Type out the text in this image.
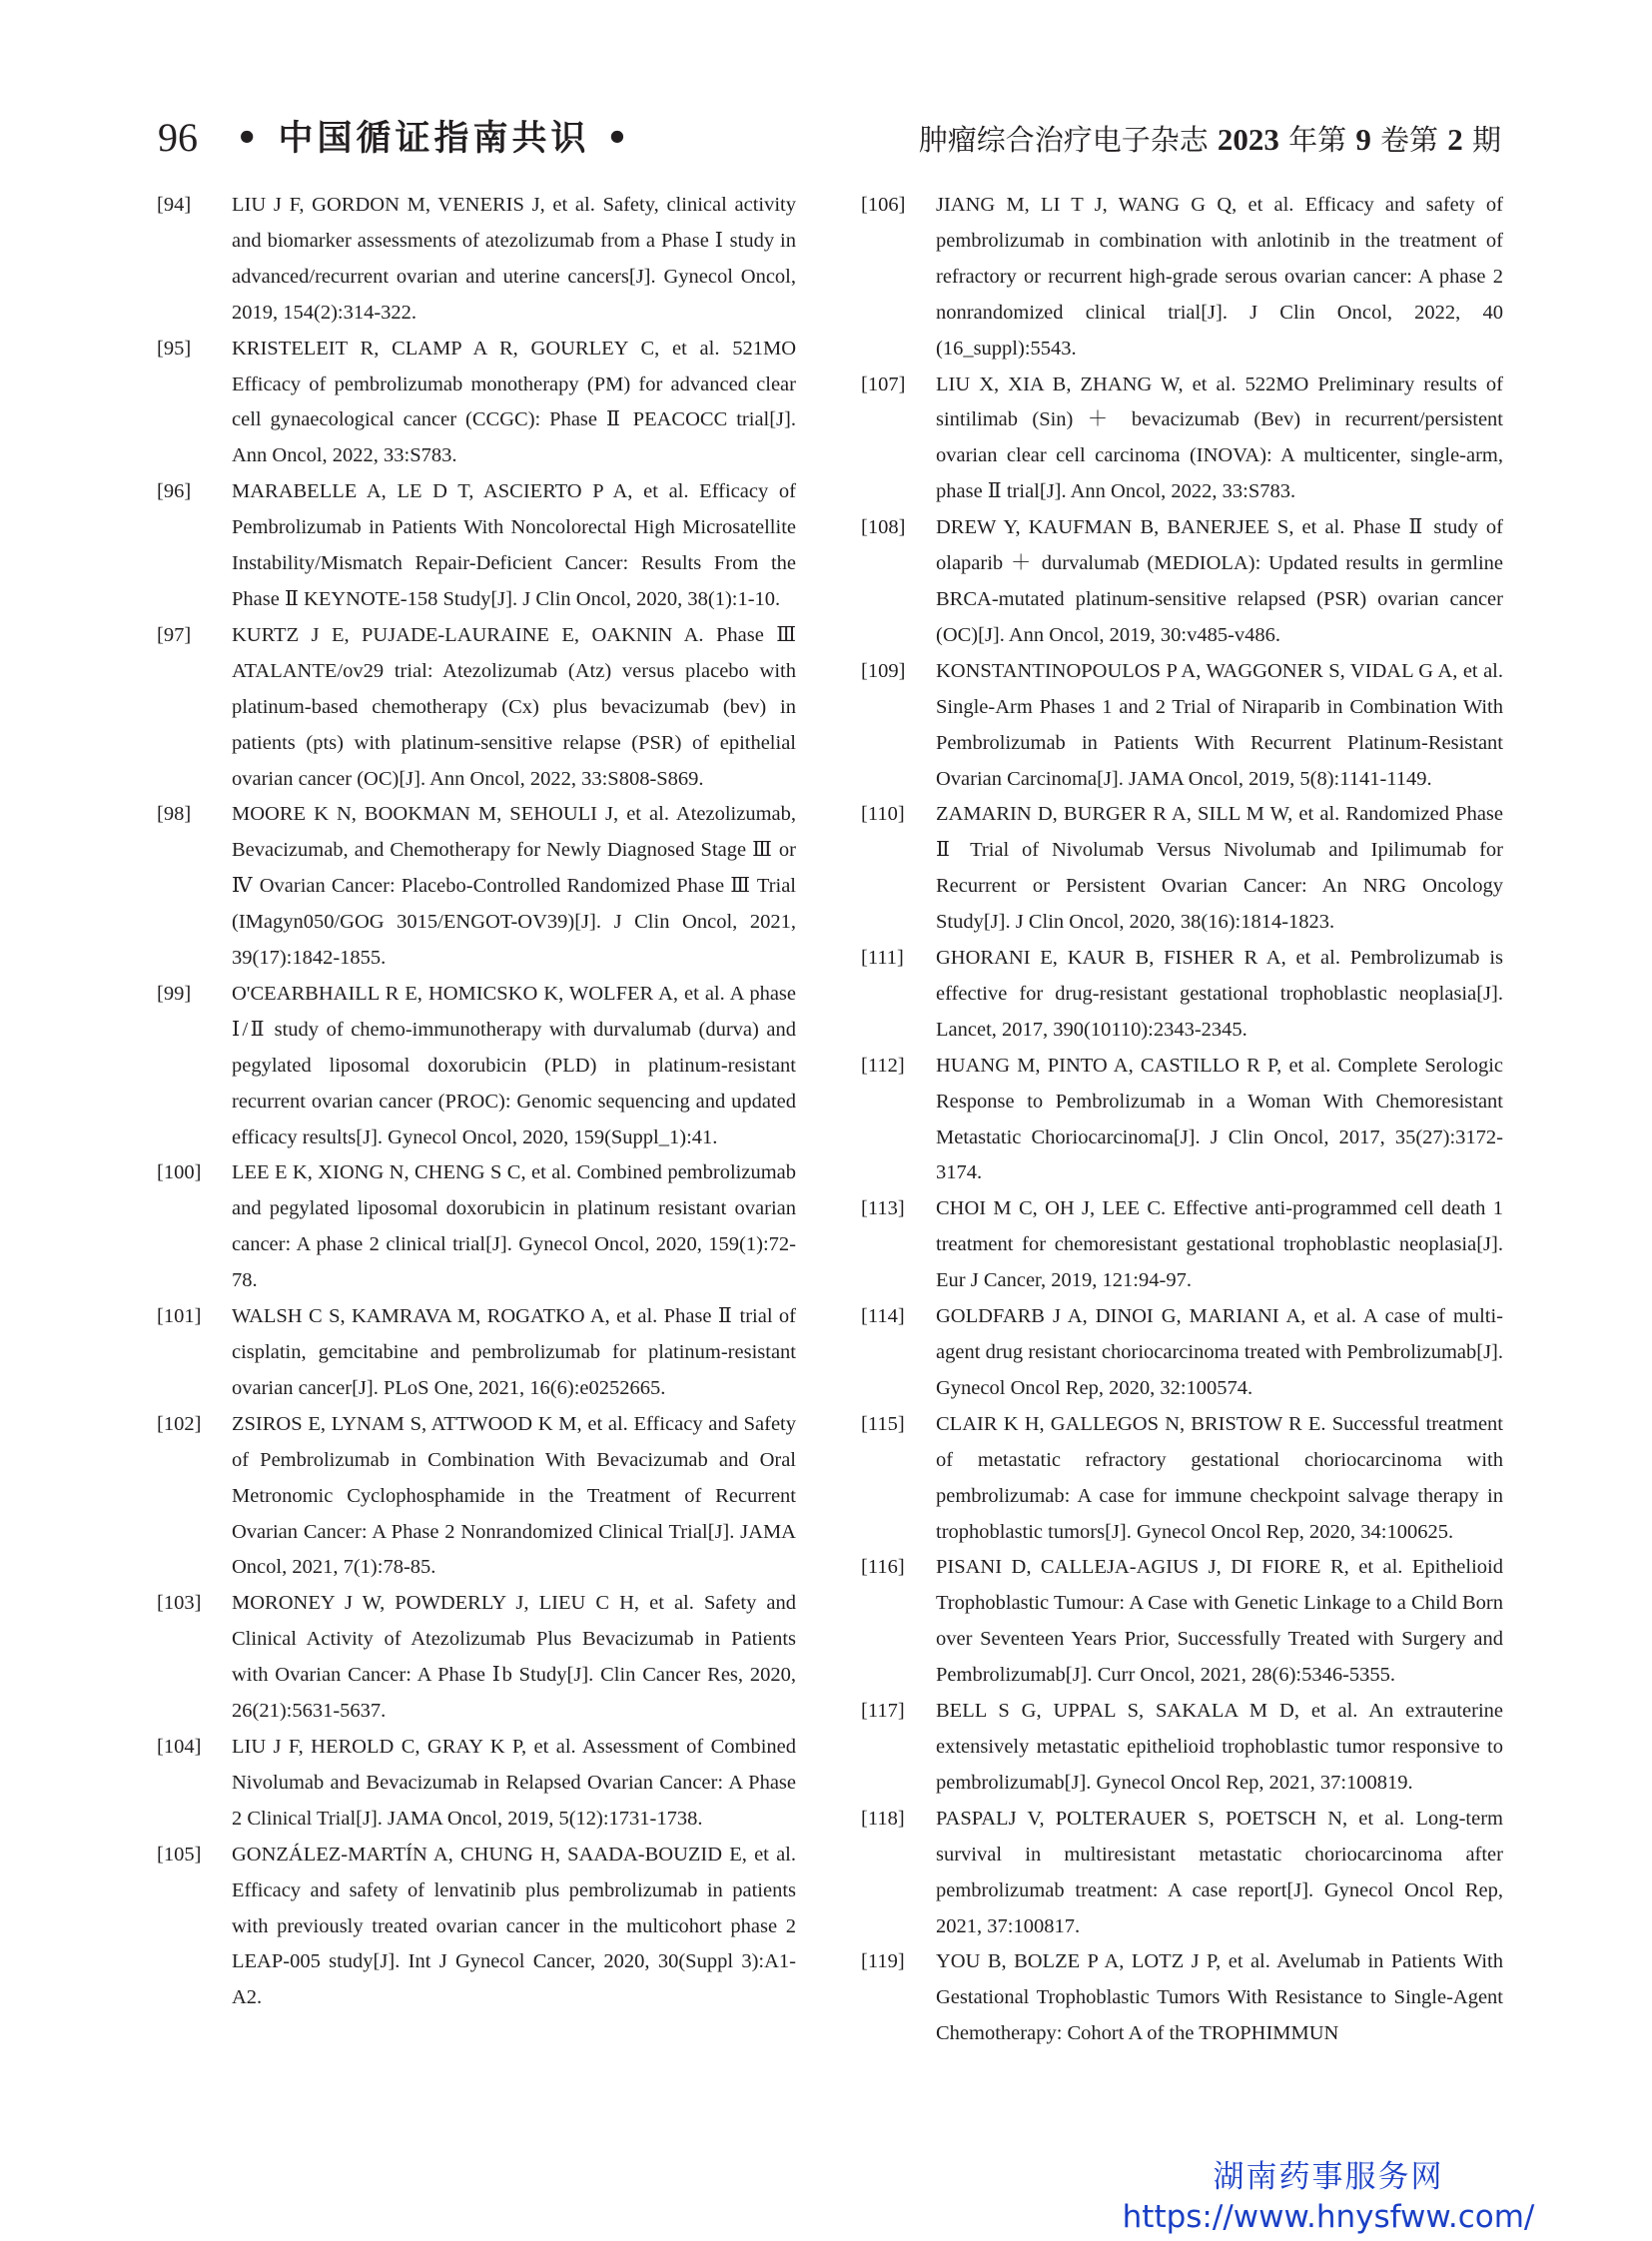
96 • 中国循证指南共识 •	肿瘤综合治疗电子杂志 2023 年第 9 卷第 2 期
[94]	LIU J F, GORDON M, VENERIS J, et al. Safety, clinical activity and biomarker assessments of atezolizumab from a Phase Ⅰ study in advanced/recurrent ovarian and uterine cancers[J]. Gynecol Oncol, 2019, 154(2):314-322.
[95]	KRISTELEIT R, CLAMP A R, GOURLEY C, et al. 521MO Efficacy of pembrolizumab monotherapy (PM) for advanced clear cell gynaecological cancer (CCGC): Phase Ⅱ PEACOCC trial[J]. Ann Oncol, 2022, 33:S783.
[96]	MARABELLE A, LE D T, ASCIERTO P A, et al. Efficacy of Pembrolizumab in Patients With Noncolorectal High Microsatellite Instability/Mismatch Repair-Deficient Cancer: Results From the Phase Ⅱ KEYNOTE-158 Study[J]. J Clin Oncol, 2020, 38(1):1-10.
[97]	KURTZ J E, PUJADE-LAURAINE E, OAKNIN A. Phase Ⅲ ATALANTE/ov29 trial: Atezolizumab (Atz) versus placebo with platinum-based chemotherapy (Cx) plus bevacizumab (bev) in patients (pts) with platinum-sensitive relapse (PSR) of epithelial ovarian cancer (OC)[J]. Ann Oncol, 2022, 33:S808-S869.
[98]	MOORE K N, BOOKMAN M, SEHOULI J, et al. Atezolizumab, Bevacizumab, and Chemotherapy for Newly Diagnosed Stage Ⅲ or Ⅳ Ovarian Cancer: Placebo-Controlled Randomized Phase Ⅲ Trial (IMagyn050/GOG 3015/ENGOT-OV39)[J]. J Clin Oncol, 2021, 39(17):1842-1855.
[99]	O'CEARBHAILL R E, HOMICSKO K, WOLFER A, et al. A phase Ⅰ/Ⅱ study of chemo-immunotherapy with durvalumab (durva) and pegylated liposomal doxorubicin (PLD) in platinum-resistant recurrent ovarian cancer (PROC): Genomic sequencing and updated efficacy results[J]. Gynecol Oncol, 2020, 159(Suppl_1):41.
[100]	LEE E K, XIONG N, CHENG S C, et al. Combined pembrolizumab and pegylated liposomal doxorubicin in platinum resistant ovarian cancer: A phase 2 clinical trial[J]. Gynecol Oncol, 2020, 159(1):72-78.
[101]	WALSH C S, KAMRAVA M, ROGATKO A, et al. Phase Ⅱ trial of cisplatin, gemcitabine and pembrolizumab for platinum-resistant ovarian cancer[J]. PLoS One, 2021, 16(6):e0252665.
[102]	ZSIROS E, LYNAM S, ATTWOOD K M, et al. Efficacy and Safety of Pembrolizumab in Combination With Bevacizumab and Oral Metronomic Cyclophosphamide in the Treatment of Recurrent Ovarian Cancer: A Phase 2 Nonrandomized Clinical Trial[J]. JAMA Oncol, 2021, 7(1):78-85.
[103]	MORONEY J W, POWDERLY J, LIEU C H, et al. Safety and Clinical Activity of Atezolizumab Plus Bevacizumab in Patients with Ovarian Cancer: A Phase Ⅰb Study[J]. Clin Cancer Res, 2020, 26(21):5631-5637.
[104]	LIU J F, HEROLD C, GRAY K P, et al. Assessment of Combined Nivolumab and Bevacizumab in Relapsed Ovarian Cancer: A Phase 2 Clinical Trial[J]. JAMA Oncol, 2019, 5(12):1731-1738.
[105]	GONZÁLEZ-MARTÍN A, CHUNG H, SAADA-BOUZID E, et al. Efficacy and safety of lenvatinib plus pembrolizumab in patients with previously treated ovarian cancer in the multicohort phase 2 LEAP-005 study[J]. Int J Gynecol Cancer, 2020, 30(Suppl 3):A1-A2.
[106]	JIANG M, LI T J, WANG G Q, et al. Efficacy and safety of pembrolizumab in combination with anlotinib in the treatment of refractory or recurrent high-grade serous ovarian cancer: A phase 2 nonrandomized clinical trial[J]. J Clin Oncol, 2022, 40 (16_suppl):5543.
[107]	LIU X, XIA B, ZHANG W, et al. 522MO Preliminary results of sintilimab (Sin) ＋ bevacizumab (Bev) in recurrent/persistent ovarian clear cell carcinoma (INOVA): A multicenter, single-arm, phase Ⅱ trial[J]. Ann Oncol, 2022, 33:S783.
[108]	DREW Y, KAUFMAN B, BANERJEE S, et al. Phase Ⅱ study of olaparib ＋ durvalumab (MEDIOLA): Updated results in germline BRCA-mutated platinum-sensitive relapsed (PSR) ovarian cancer (OC)[J]. Ann Oncol, 2019, 30:v485-v486.
[109]	KONSTANTINOPOULOS P A, WAGGONER S, VIDAL G A, et al. Single-Arm Phases 1 and 2 Trial of Niraparib in Combination With Pembrolizumab in Patients With Recurrent Platinum-Resistant Ovarian Carcinoma[J]. JAMA Oncol, 2019, 5(8):1141-1149.
[110]	ZAMARIN D, BURGER R A, SILL M W, et al. Randomized Phase Ⅱ Trial of Nivolumab Versus Nivolumab and Ipilimumab for Recurrent or Persistent Ovarian Cancer: An NRG Oncology Study[J]. J Clin Oncol, 2020, 38(16):1814-1823.
[111]	GHORANI E, KAUR B, FISHER R A, et al. Pembrolizumab is effective for drug-resistant gestational trophoblastic neoplasia[J]. Lancet, 2017, 390(10110):2343-2345.
[112]	HUANG M, PINTO A, CASTILLO R P, et al. Complete Serologic Response to Pembrolizumab in a Woman With Chemoresistant Metastatic Choriocarcinoma[J]. J Clin Oncol, 2017, 35(27):3172-3174.
[113]	CHOI M C, OH J, LEE C. Effective anti-programmed cell death 1 treatment for chemoresistant gestational trophoblastic neoplasia[J]. Eur J Cancer, 2019, 121:94-97.
[114]	GOLDFARB J A, DINOI G, MARIANI A, et al. A case of multi-agent drug resistant choriocarcinoma treated with Pembrolizumab[J]. Gynecol Oncol Rep, 2020, 32:100574.
[115]	CLAIR K H, GALLEGOS N, BRISTOW R E. Successful treatment of metastatic refractory gestational choriocarcinoma with pembrolizumab: A case for immune checkpoint salvage therapy in trophoblastic tumors[J]. Gynecol Oncol Rep, 2020, 34:100625.
[116]	PISANI D, CALLEJA-AGIUS J, DI FIORE R, et al. Epithelioid Trophoblastic Tumour: A Case with Genetic Linkage to a Child Born over Seventeen Years Prior, Successfully Treated with Surgery and Pembrolizumab[J]. Curr Oncol, 2021, 28(6):5346-5355.
[117]	BELL S G, UPPAL S, SAKALA M D, et al. An extrauterine extensively metastatic epithelioid trophoblastic tumor responsive to pembrolizumab[J]. Gynecol Oncol Rep, 2021, 37:100819.
[118]	PASPALJ V, POLTERAUER S, POETSCH N, et al. Long-term survival in multiresistant metastatic choriocarcinoma after pembrolizumab treatment: A case report[J]. Gynecol Oncol Rep, 2021, 37:100817.
[119]	YOU B, BOLZE P A, LOTZ J P, et al. Avelumab in Patients With Gestational Trophoblastic Tumors With Resistance to Single-Agent Chemotherapy: Cohort A of the TROPHIMMUN
湖南药事服务网
https://www.hnysfww.com/
